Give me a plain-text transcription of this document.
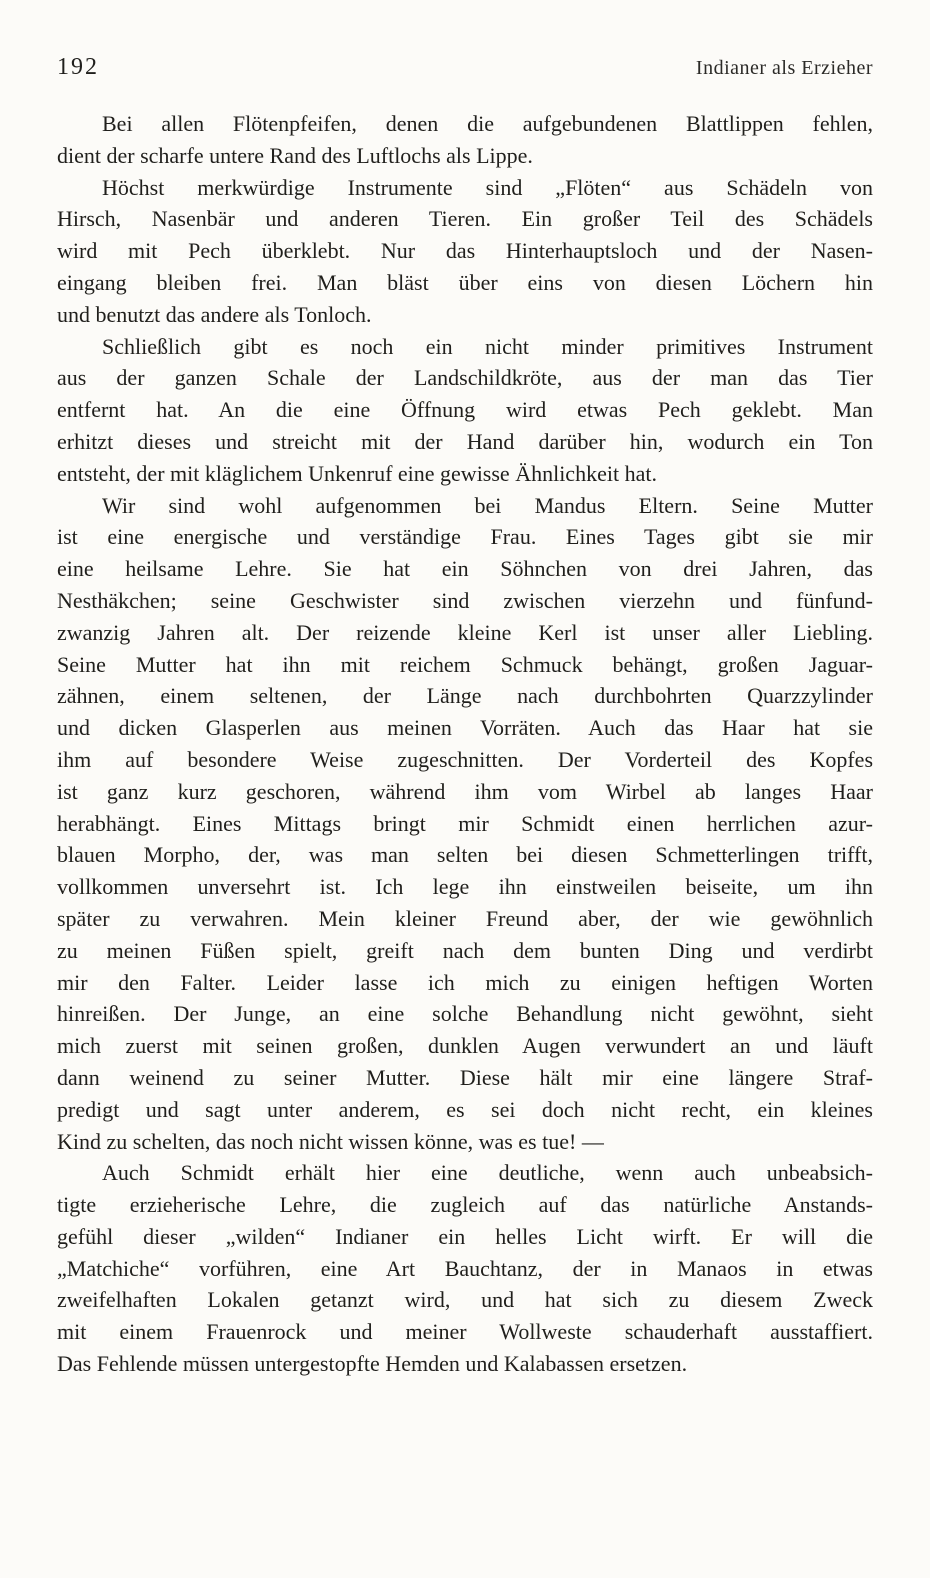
192	Indianer als Erzieher
Bei allen Flötenpfeifen, denen die aufgebundenen Blattlippen fehlen,
dient der scharfe untere Rand des Luftlochs als Lippe.
Höchst merkwürdige Instrumente sind „Flöten“ aus Schädeln von
Hirsch, Nasenbär und anderen Tieren. Ein großer Teil des Schädels
wird mit Pech überklebt. Nur das Hinterhauptsloch und der Nasen-
eingang bleiben frei. Man bläst über eins von diesen Löchern hin
und benutzt das andere als Tonloch.
Schließlich gibt es noch ein nicht minder primitives Instrument
aus der ganzen Schale der Landschildkröte, aus der man das Tier
entfernt hat. An die eine Öffnung wird etwas Pech geklebt. Man
erhitzt dieses und streicht mit der Hand darüber hin, wodurch ein Ton
entsteht, der mit kläglichem Unkenruf eine gewisse Ähnlichkeit hat.
Wir sind wohl aufgenommen bei Mandus Eltern. Seine Mutter
ist eine energische und verständige Frau. Eines Tages gibt sie mir
eine heilsame Lehre. Sie hat ein Söhnchen von drei Jahren, das
Nesthäkchen; seine Geschwister sind zwischen vierzehn und fünfund-
zwanzig Jahren alt. Der reizende kleine Kerl ist unser aller Liebling.
Seine Mutter hat ihn mit reichem Schmuck behängt, großen Jaguar-
zähnen, einem seltenen, der Länge nach durchbohrten Quarzzylinder
und dicken Glasperlen aus meinen Vorräten. Auch das Haar hat sie
ihm auf besondere Weise zugeschnitten. Der Vorderteil des Kopfes
ist ganz kurz geschoren, während ihm vom Wirbel ab langes Haar
herabhängt. Eines Mittags bringt mir Schmidt einen herrlichen azur-
blauen Morpho, der, was man selten bei diesen Schmetterlingen trifft,
vollkommen unversehrt ist. Ich lege ihn einstweilen beiseite, um ihn
später zu verwahren. Mein kleiner Freund aber, der wie gewöhnlich
zu meinen Füßen spielt, greift nach dem bunten Ding und verdirbt
mir den Falter. Leider lasse ich mich zu einigen heftigen Worten
hinreißen. Der Junge, an eine solche Behandlung nicht gewöhnt, sieht
mich zuerst mit seinen großen, dunklen Augen verwundert an und läuft
dann weinend zu seiner Mutter. Diese hält mir eine längere Straf-
predigt und sagt unter anderem, es sei doch nicht recht, ein kleines
Kind zu schelten, das noch nicht wissen könne, was es tue! —
Auch Schmidt erhält hier eine deutliche, wenn auch unbeabsich-
tigte erzieherische Lehre, die zugleich auf das natürliche Anstands-
gefühl dieser „wilden“ Indianer ein helles Licht wirft. Er will die
„Matchiche“ vorführen, eine Art Bauchtanz, der in Manaos in etwas
zweifelhaften Lokalen getanzt wird, und hat sich zu diesem Zweck
mit einem Frauenrock und meiner Wollweste schauderhaft ausstaffiert.
Das Fehlende müssen untergestopfte Hemden und Kalabassen ersetzen.
